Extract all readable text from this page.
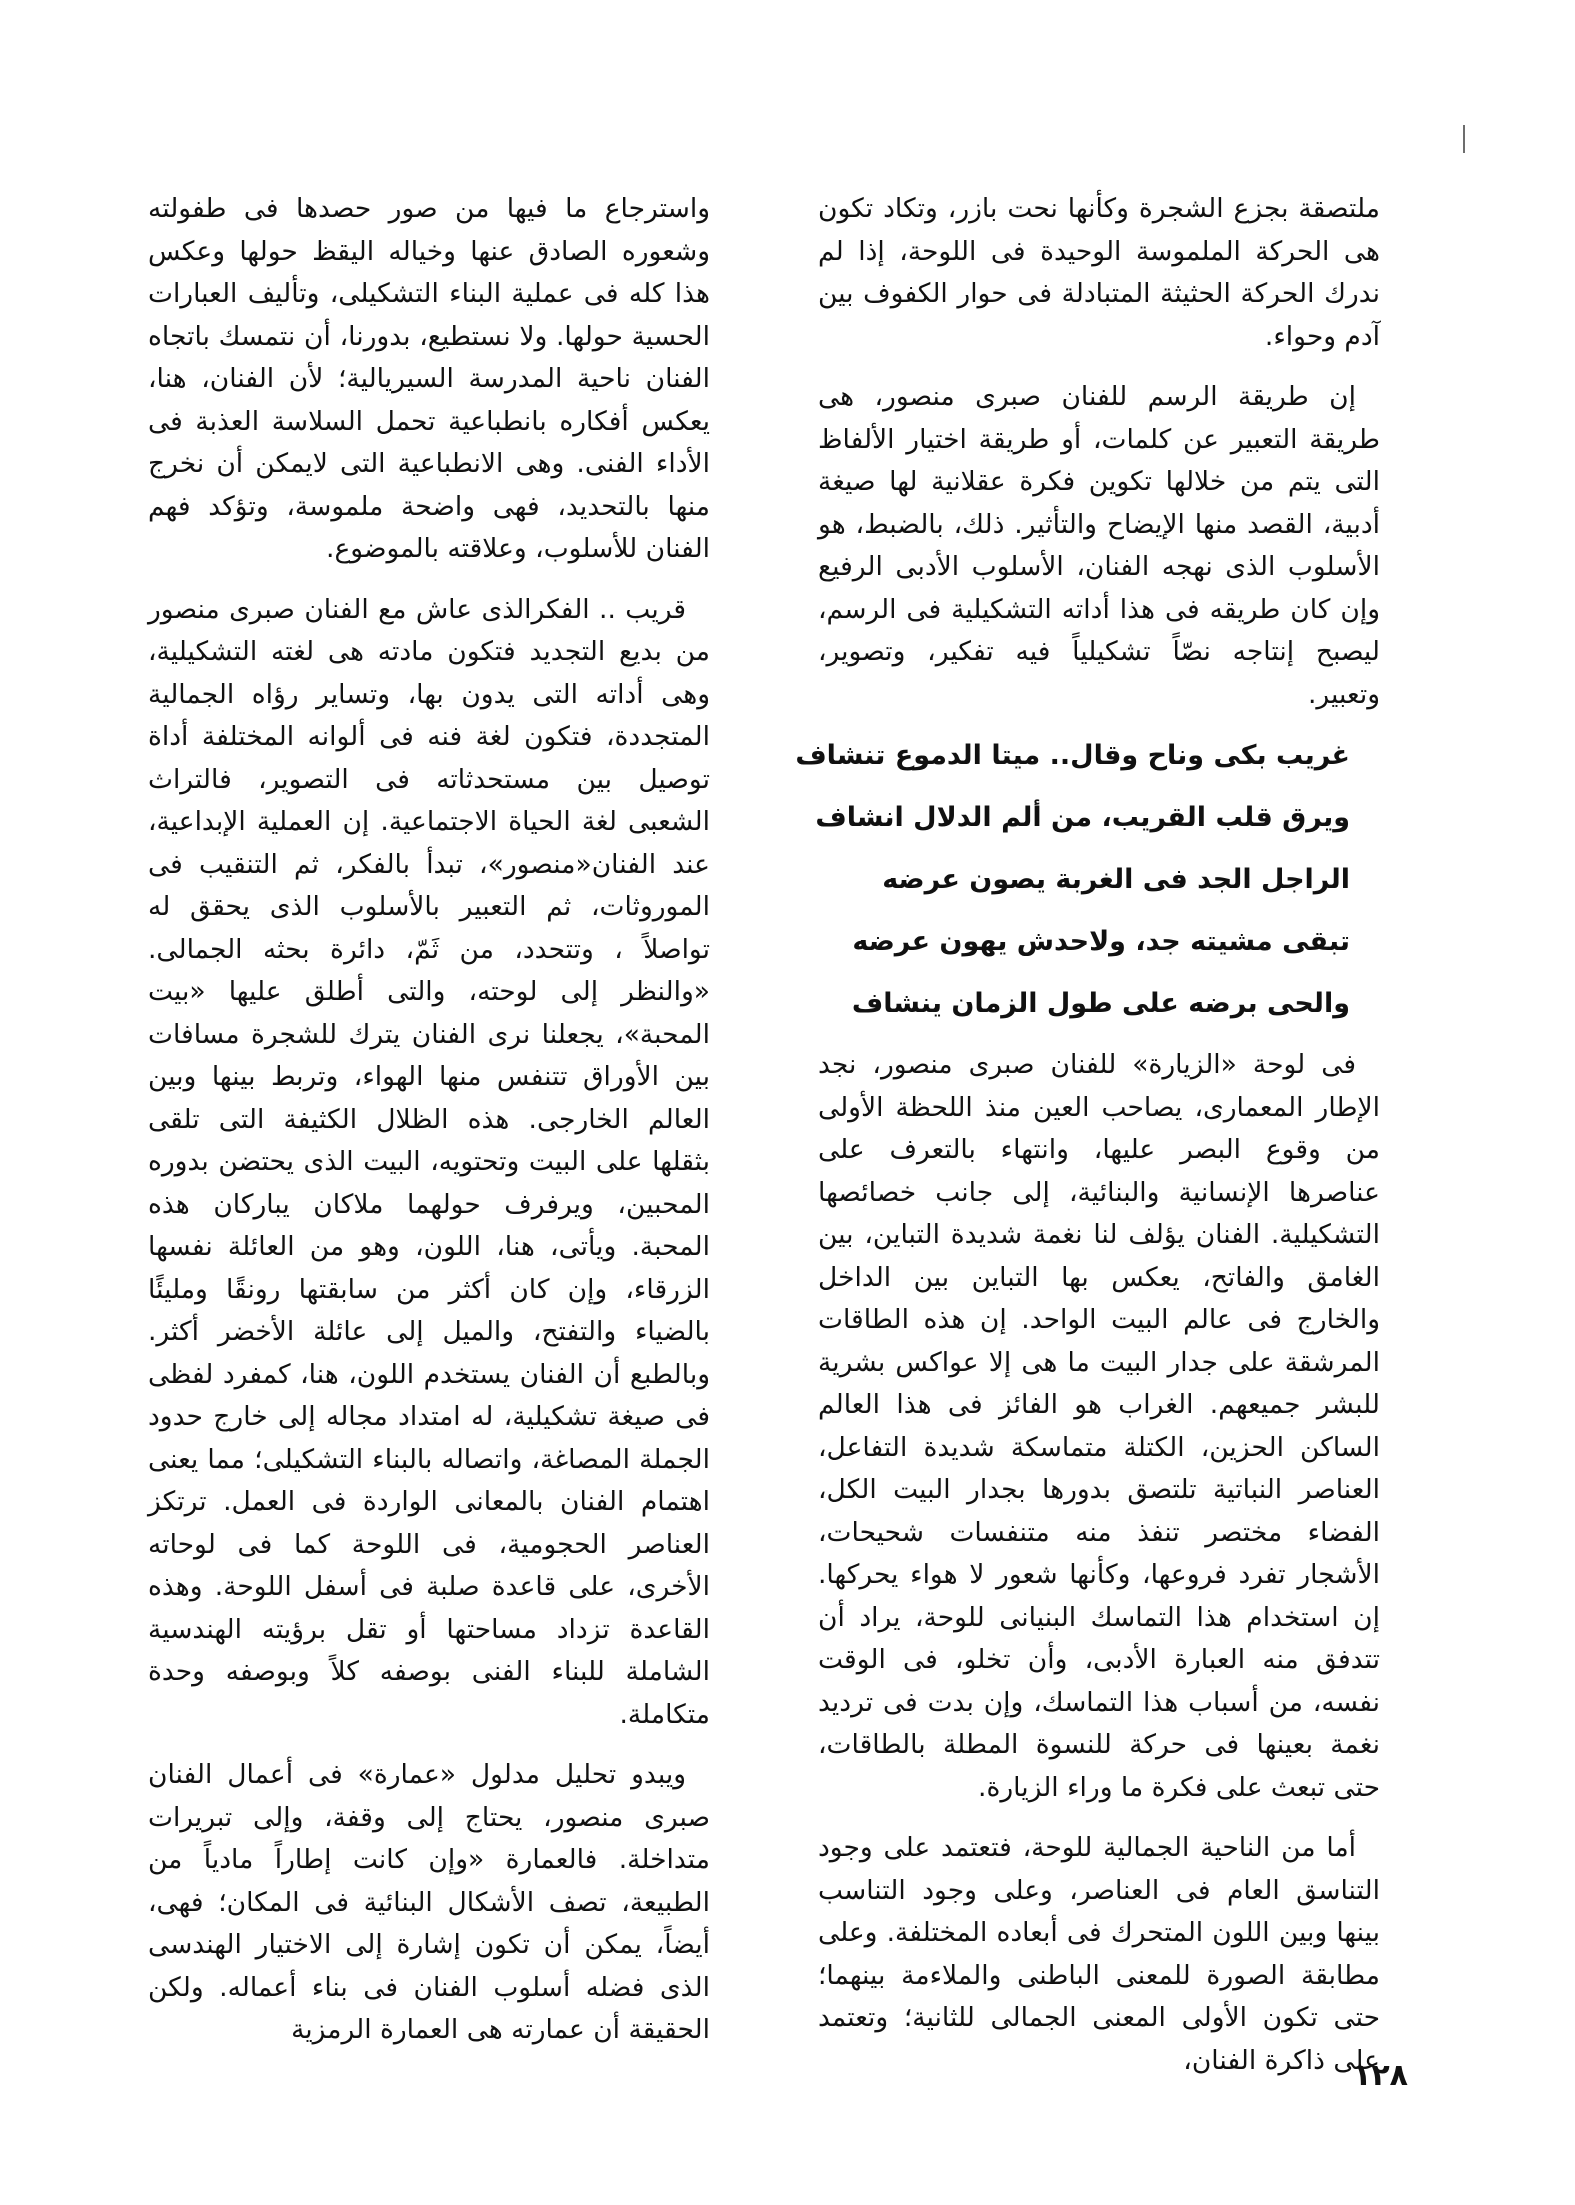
ملتصقة بجزع الشجرة وكأنها نحت بازر، وتكاد تكون هى الحركة الملموسة الوحيدة فى اللوحة، إذا لم ندرك الحركة الحثيثة المتبادلة فى حوار الكفوف بين آدم وحواء.

إن طريقة الرسم للفنان صبرى منصور، هى طريقة التعبير عن كلمات، أو طريقة اختيار الألفاظ التى يتم من خلالها تكوين فكرة عقلانية لها صيغة أدبية، القصد منها الإيضاح والتأثير. ذلك، بالضبط، هو الأسلوب الذى نهجه الفنان، الأسلوب الأدبى الرفيع وإن كان طريقه فى هذا أداته التشكيلية فى الرسم، ليصبح إنتاجه نصّاً تشكيلياً فيه تفكير، وتصوير، وتعبير.

غريب بكى وناح وقال.. ميتا الدموع تنشاف
ويرق قلب القريب، من ألم الدلال انشاف
الراجل الجد فى الغربة يصون عرضه
تبقى مشيته جد، ولاحدش يهون عرضه
والحى برضه على طول الزمان ينشاف

فى لوحة «الزيارة» للفنان صبرى منصور، نجد الإطار المعمارى، يصاحب العين منذ اللحظة الأولى من وقوع البصر عليها، وانتهاء بالتعرف على عناصرها الإنسانية والبنائية، إلى جانب خصائصها التشكيلية. الفنان يؤلف لنا نغمة شديدة التباين، بين الغامق والفاتح، يعكس بها التباين بين الداخل والخارج فى عالم البيت الواحد. إن هذه الطاقات المرشقة على جدار البيت ما هى إلا عواكس بشرية للبشر جميعهم. الغراب هو الفائز فى هذا العالم الساكن الحزين، الكتلة متماسكة شديدة التفاعل، العناصر النباتية تلتصق بدورها بجدار البيت الكل، الفضاء مختصر تنفذ منه متنفسات شحيحات، الأشجار تفرد فروعها، وكأنها شعور لا هواء يحركها. إن استخدام هذا التماسك البنيانى للوحة، يراد أن تتدفق منه العبارة الأدبى، وأن تخلو، فى الوقت نفسه، من أسباب هذا التماسك، وإن بدت فى ترديد نغمة بعينها فى حركة للنسوة المطلة بالطاقات، حتى تبعث على فكرة ما وراء الزيارة.

أما من الناحية الجمالية للوحة، فتعتمد على وجود التناسق العام فى العناصر، وعلى وجود التناسب بينها وبين اللون المتحرك فى أبعاده المختلفة. وعلى مطابقة الصورة للمعنى الباطنى والملاءمة بينهما؛ حتى تكون الأولى المعنى الجمالى للثانية؛ وتعتمد على ذاكرة الفنان،

واسترجاع ما فيها من صور حصدها فى طفولته وشعوره الصادق عنها وخياله اليقظ حولها وعكس هذا كله فى عملية البناء التشكيلى، وتأليف العبارات الحسية حولها. ولا نستطيع، بدورنا، أن نتمسك باتجاه الفنان ناحية المدرسة السيريالية؛ لأن الفنان، هنا، يعكس أفكاره بانطباعية تحمل السلاسة العذبة فى الأداء الفنى. وهى الانطباعية التى لايمكن أن نخرج منها بالتحديد، فهى واضحة ملموسة، وتؤكد فهم الفنان للأسلوب، وعلاقته بالموضوع.

قريب .. الفكرالذى عاش مع الفنان صبرى منصور من بديع التجديد فتكون مادته هى لغته التشكيلية، وهى أداته التى يدون بها، وتساير رؤاه الجمالية المتجددة، فتكون لغة فنه فى ألوانه المختلفة أداة توصيل بين مستحدثاته فى التصوير، فالتراث الشعبى لغة الحياة الاجتماعية. إن العملية الإبداعية، عند الفنان«منصور»، تبدأ بالفكر، ثم التنقيب فى الموروثات، ثم التعبير بالأسلوب الذى يحقق له تواصلاً ، وتتحدد، من ثَمّ، دائرة بحثه الجمالى. «والنظر إلى لوحته، والتى أطلق عليها «بيت المحبة»، يجعلنا نرى الفنان يترك للشجرة مسافات بين الأوراق تتنفس منها الهواء، وتربط بينها وبين العالم الخارجى. هذه الظلال الكثيفة التى تلقى بثقلها على البيت وتحتويه، البيت الذى يحتضن بدوره المحبين، ويرفرف حولهما ملاكان يباركان هذه المحبة. ويأتى، هنا، اللون، وهو من العائلة نفسها الزرقاء، وإن كان أكثر من سابقتها رونقًا ومليئًا بالضياء والتفتح، والميل إلى عائلة الأخضر أكثر. وبالطبع أن الفنان يستخدم اللون، هنا، كمفرد لفظى فى صيغة تشكيلية، له امتداد مجاله إلى خارج حدود الجملة المصاغة، واتصاله بالبناء التشكيلى؛ مما يعنى اهتمام الفنان بالمعانى الواردة فى العمل. ترتكز العناصر الحجومية، فى اللوحة كما فى لوحاته الأخرى، على قاعدة صلبة فى أسفل اللوحة. وهذه القاعدة تزداد مساحتها أو تقل برؤيته الهندسية الشاملة للبناء الفنى بوصفه كلاً وبوصفه وحدة متكاملة.

ويبدو تحليل مدلول «عمارة» فى أعمال الفنان صبرى منصور، يحتاج إلى وقفة، وإلى تبريرات متداخلة. فالعمارة «وإن كانت إطاراً مادياً من الطبيعة، تصف الأشكال البنائية فى المكان؛ فهى، أيضاً، يمكن أن تكون إشارة إلى الاختيار الهندسى الذى فضله أسلوب الفنان فى بناء أعماله. ولكن الحقيقة أن عمارته هى العمارة الرمزية

١٢٨
